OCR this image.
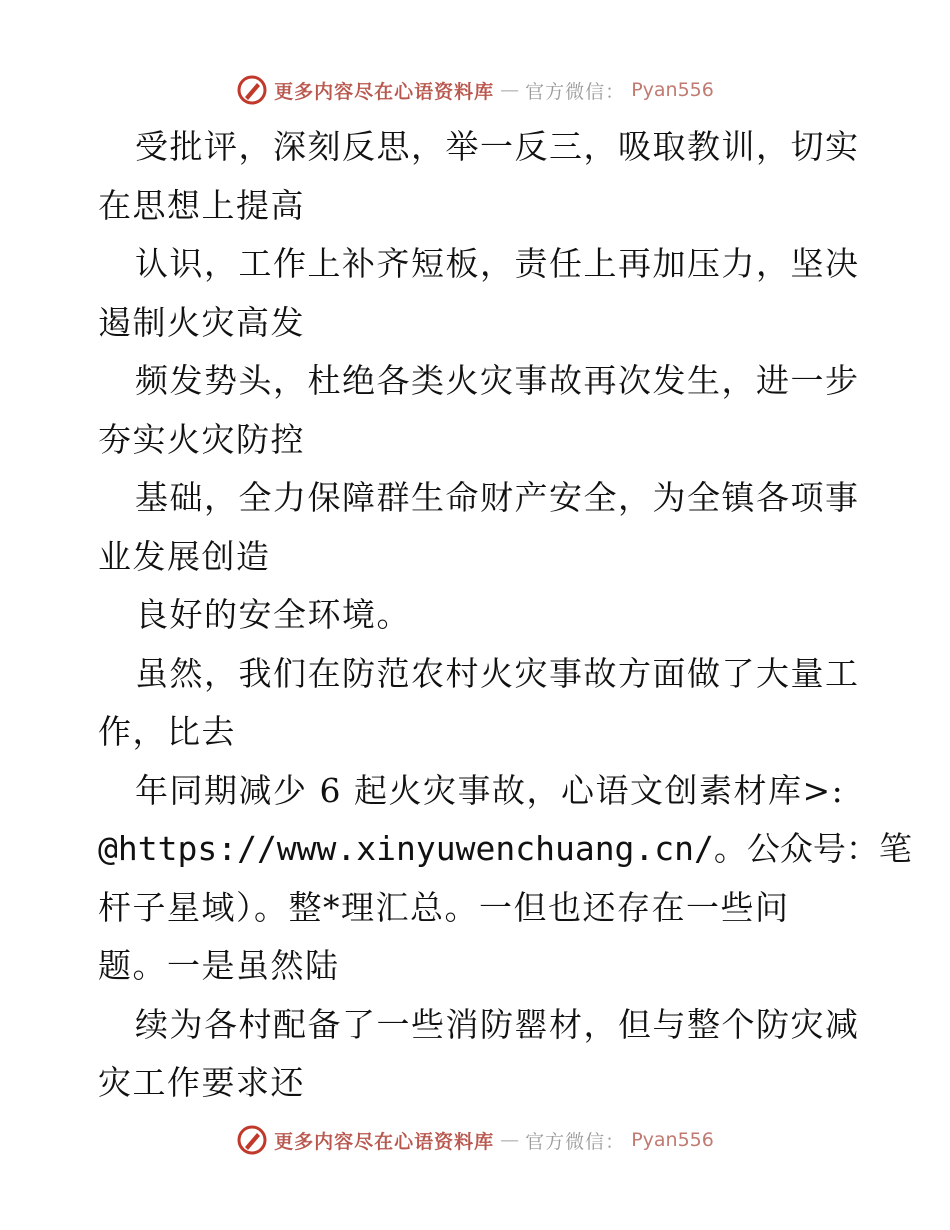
更多内容尽在心语资料库 — 官方微信： Pyan556
受批评，深刻反思，举一反三，吸取教训，切实
在思想上提高
认识，工作上补齐短板，责任上再加压力，坚决
遏制火灾高发
频发势头，杜绝各类火灾事故再次发生，进一步
夯实火灾防控
基础，全力保障群生命财产安全，为全镇各项事
业发展创造
良好的安全环境。
虽然，我们在防范农村火灾事故方面做了大量工
作，比去
年同期减少 6 起火灾事故，心语文创素材库>:
@https://www.xinyuwenchuang.cn/。公众号：笔
杆子星域）。整*理汇总。一但也还存在一些问
题。一是虽然陆
续为各村配备了一些消防罂材，但与整个防灾减
灾工作要求还
更多内容尽在心语资料库 — 官方微信： Pyan556
